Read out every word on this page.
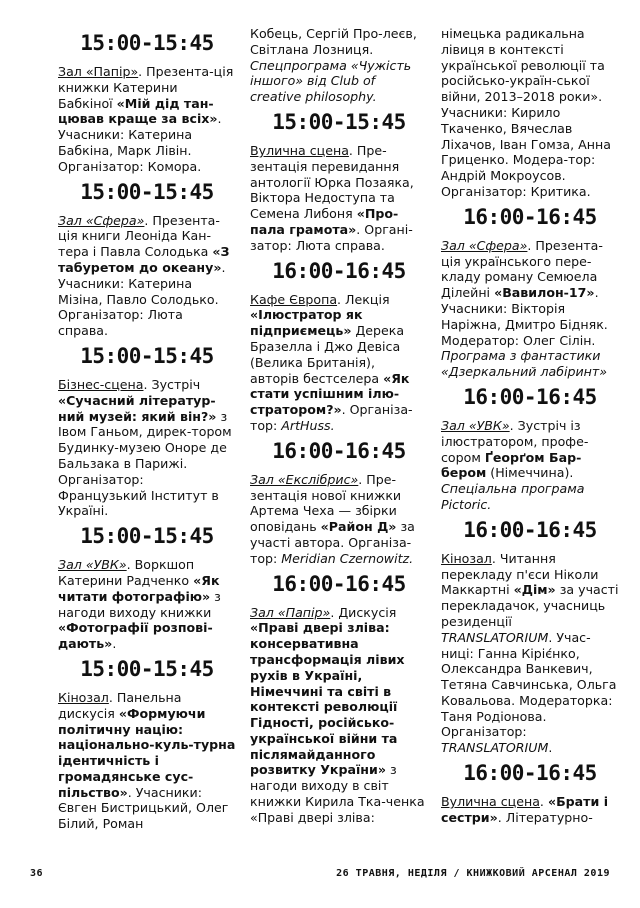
15:00-15:45

Зал «Папір». Презента-ція книжки Катерини Бабкіної «Мій дід тан-цював краще за всіх». Учасники: Катерина Бабкіна, Марк Лівін. Організатор: Комора.

15:00-15:45

Зал «Сфера». Презента-ція книги Леоніда Кан-тера і Павла Солодька «З табуретом до океану». Учасники: Катерина Мізіна, Павло Солодько. Організатор: Люта справа.

15:00-15:45

Бізнес-сцена. Зустріч «Сучасний літератур-ний музей: який він?» з Івом Ганьом, дирек-тором Будинку-музею Оноре де Бальзака в Парижі. Організатор: Французький Інститут в Україні.

15:00-15:45

Зал «УВК». Воркшоп Катерини Радченко «Як читати фотографію» з нагоди виходу книжки «Фотографії розпові-дають».

15:00-15:45

Кінозал. Панельна дискусія «Формуючи політичну націю: національно-куль-турна ідентичність і громадянське сус-пільство». Учасники: Євген Бистрицький, Олег Білий, Роман

Кобець, Сергій Про-леєв, Світлана Лозниця. Спецпрограма «Чужість іншого» від Club of creative philosophy.

15:00-15:45

Вулична сцена. Пре-зентація перевидання антології Юрка Позаяка, Віктора Недоступа та Семена Либоня «Про-пала грамота». Органі-затор: Люта справа.

16:00-16:45

Кафе Європа. Лекція «Ілюстратор як підприємець» Дерека Бразелла і Джо Девіса (Велика Британія), авторів бестселера «Як стати успішним ілю-стратором?». Організа-тор: ArtHuss.

16:00-16:45

Зал «Екслібрис». Пре-зентація нової книжки Артема Чеха — збірки оповідань «Район Д» за участі автора. Організа-тор: Meridian Czernowitz.

16:00-16:45

Зал «Папір». Дискусія «Праві двері зліва: консервативна трансформація лівих рухів в Україні, Німеччині та світі в контексті революції Гідності, російсько-української війни та післямайданного розвитку України» з нагоди виходу в світ книжки Кирила Тка-ченка «Праві двері зліва:

німецька радикальна лівиця в контексті української революції та російсько-україн-ської війни, 2013–2018 роки». Учасники: Кирило Ткаченко, Вячеслав Ліхачов, Іван Гомза, Анна Гриценко. Модера-тор: Андрій Мокроусов. Організатор: Критика.

16:00-16:45

Зал «Сфера». Презента-ція українського пере-кладу роману Семюела Ділейні «Вавилон-17». Учасники: Вікторія Наріжна, Дмитро Бідняк. Модератор: Олег Сілін. Програма з фантастики «Дзеркальний лабіринт»

16:00-16:45

Зал «УВК». Зустріч із ілюстратором, профе-сором Ґеорґом Бар-бером (Німеччина). Спеціальна програма Pictoric.

16:00-16:45

Кінозал. Читання перекладу п'єси Ніколи Маккартні «Дім» за участі перекладачок, учасниць резиденції TRANSLATORIUM. Учас-ниці: Ганна Кіріє́нко, Олександра Ванкевич, Тетяна Савчинська, Ольга Ковальова. Модераторка: Таня Родіонова. Організатор: TRANSLATORIUM.

16:00-16:45

Вулична сцена. «Брати і сестри». Літературно-

36	26 ТРАВНЯ, НЕДІЛЯ / КНИЖКОВИЙ АРСЕНАЛ 2019
